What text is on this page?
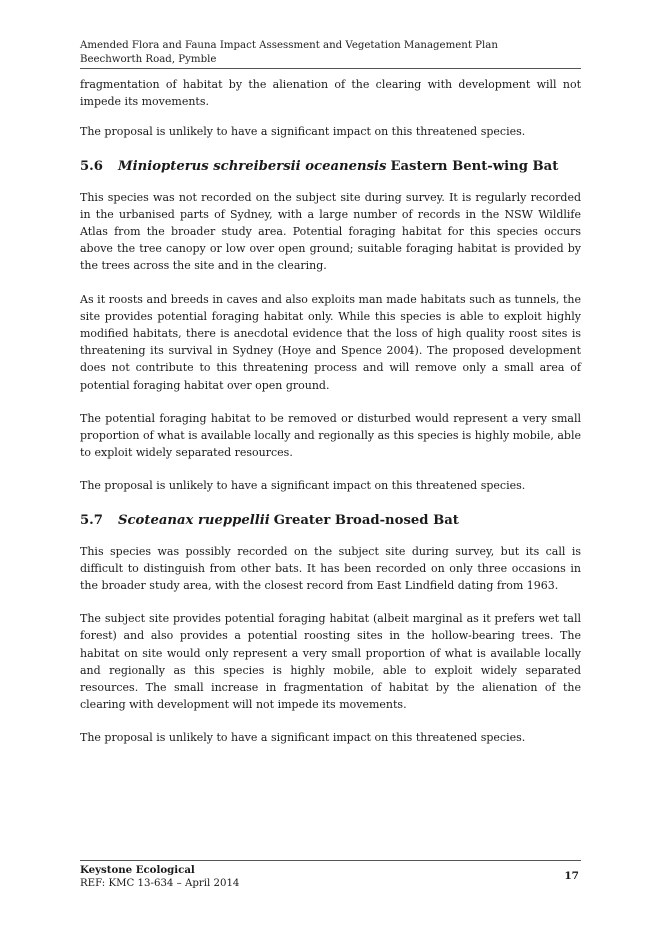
Amended Flora and Fauna Impact Assessment and Vegetation Management Plan
Beechworth Road, Pymble

fragmentation of habitat by the alienation of the clearing with development will not impede its movements.

The proposal is unlikely to have a significant impact on this threatened species.

5.6	Miniopterus schreibersii oceanensis Eastern Bent-wing Bat

This species was not recorded on the subject site during survey. It is regularly recorded in the urbanised parts of Sydney, with a large number of records in the NSW Wildlife Atlas from the broader study area. Potential foraging habitat for this species occurs above the tree canopy or low over open ground; suitable foraging habitat is provided by the trees across the site and in the clearing.

As it roosts and breeds in caves and also exploits man made habitats such as tunnels, the site provides potential foraging habitat only. While this species is able to exploit highly modified habitats, there is anecdotal evidence that the loss of high quality roost sites is threatening its survival in Sydney (Hoye and Spence 2004). The proposed development does not contribute to this threatening process and will remove only a small area of potential foraging habitat over open ground.

The potential foraging habitat to be removed or disturbed would represent a very small proportion of what is available locally and regionally as this species is highly mobile, able to exploit widely separated resources.

The proposal is unlikely to have a significant impact on this threatened species.

5.7	Scoteanax rueppellii Greater Broad-nosed Bat

This species was possibly recorded on the subject site during survey, but its call is difficult to distinguish from other bats. It has been recorded on only three occasions in the broader study area, with the closest record from East Lindfield dating from 1963.

The subject site provides potential foraging habitat (albeit marginal as it prefers wet tall forest) and also provides a potential roosting sites in the hollow-bearing trees. The habitat on site would only represent a very small proportion of what is available locally and regionally as this species is highly mobile, able to exploit widely separated resources. The small increase in fragmentation of habitat by the alienation of the clearing with development will not impede its movements.

The proposal is unlikely to have a significant impact on this threatened species.

Keystone Ecological
REF: KMC 13-634 – April 2014
17
